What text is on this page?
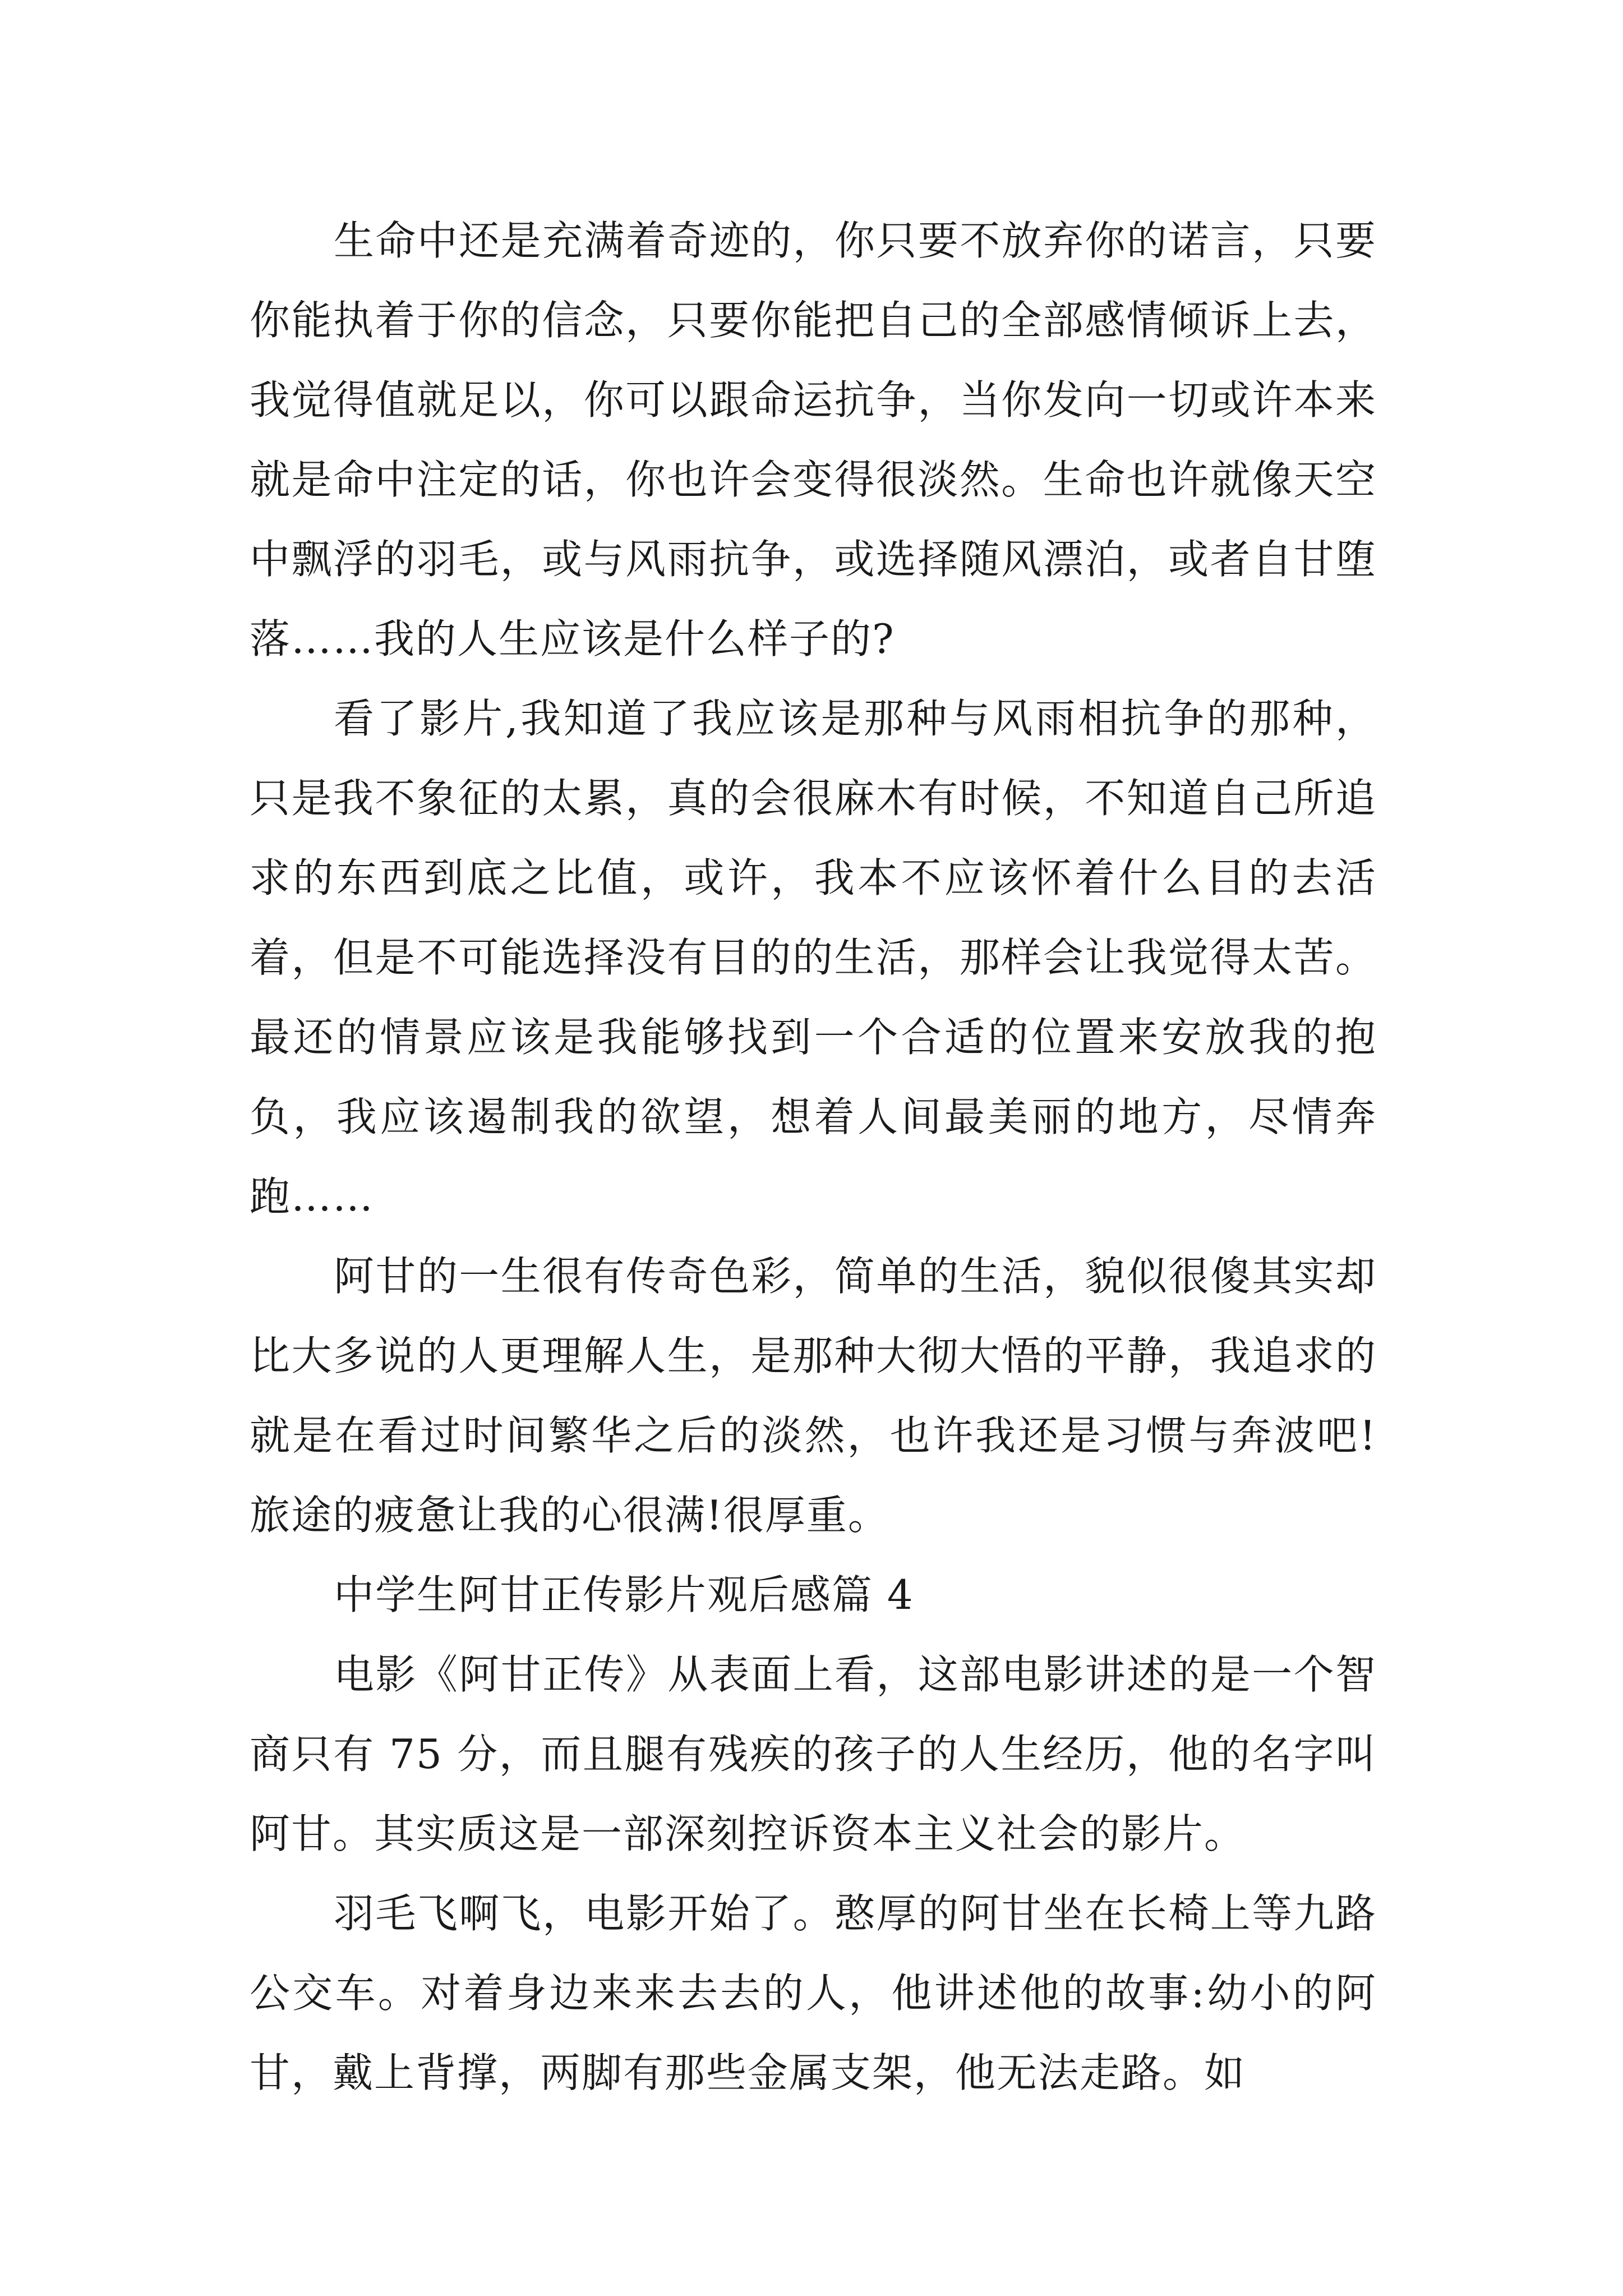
生命中还是充满着奇迹的，你只要不放弃你的诺言，只要你能执着于你的信念，只要你能把自己的全部感情倾诉上去，我觉得值就足以，你可以跟命运抗争，当你发向一切或许本来就是命中注定的话，你也许会变得很淡然。生命也许就像天空中飘浮的羽毛，或与风雨抗争，或选择随风漂泊，或者自甘堕落……我的人生应该是什么样子的?

看了影片,我知道了我应该是那种与风雨相抗争的那种，只是我不象征的太累，真的会很麻木有时候，不知道自己所追求的东西到底之比值，或许，我本不应该怀着什么目的去活着，但是不可能选择没有目的的生活，那样会让我觉得太苦。最还的情景应该是我能够找到一个合适的位置来安放我的抱负，我应该遏制我的欲望，想着人间最美丽的地方，尽情奔跑……

阿甘的一生很有传奇色彩，简单的生活，貌似很傻其实却比大多说的人更理解人生，是那种大彻大悟的平静，我追求的就是在看过时间繁华之后的淡然，也许我还是习惯与奔波吧!旅途的疲惫让我的心很满!很厚重。

中学生阿甘正传影片观后感篇 4

电影《阿甘正传》从表面上看，这部电影讲述的是一个智商只有 75 分，而且腿有残疾的孩子的人生经历，他的名字叫阿甘。其实质这是一部深刻控诉资本主义社会的影片。

羽毛飞啊飞，电影开始了。憨厚的阿甘坐在长椅上等九路公交车。对着身边来来去去的人，他讲述他的故事:幼小的阿甘，戴上背撑，两脚有那些金属支架，他无法走路。如
